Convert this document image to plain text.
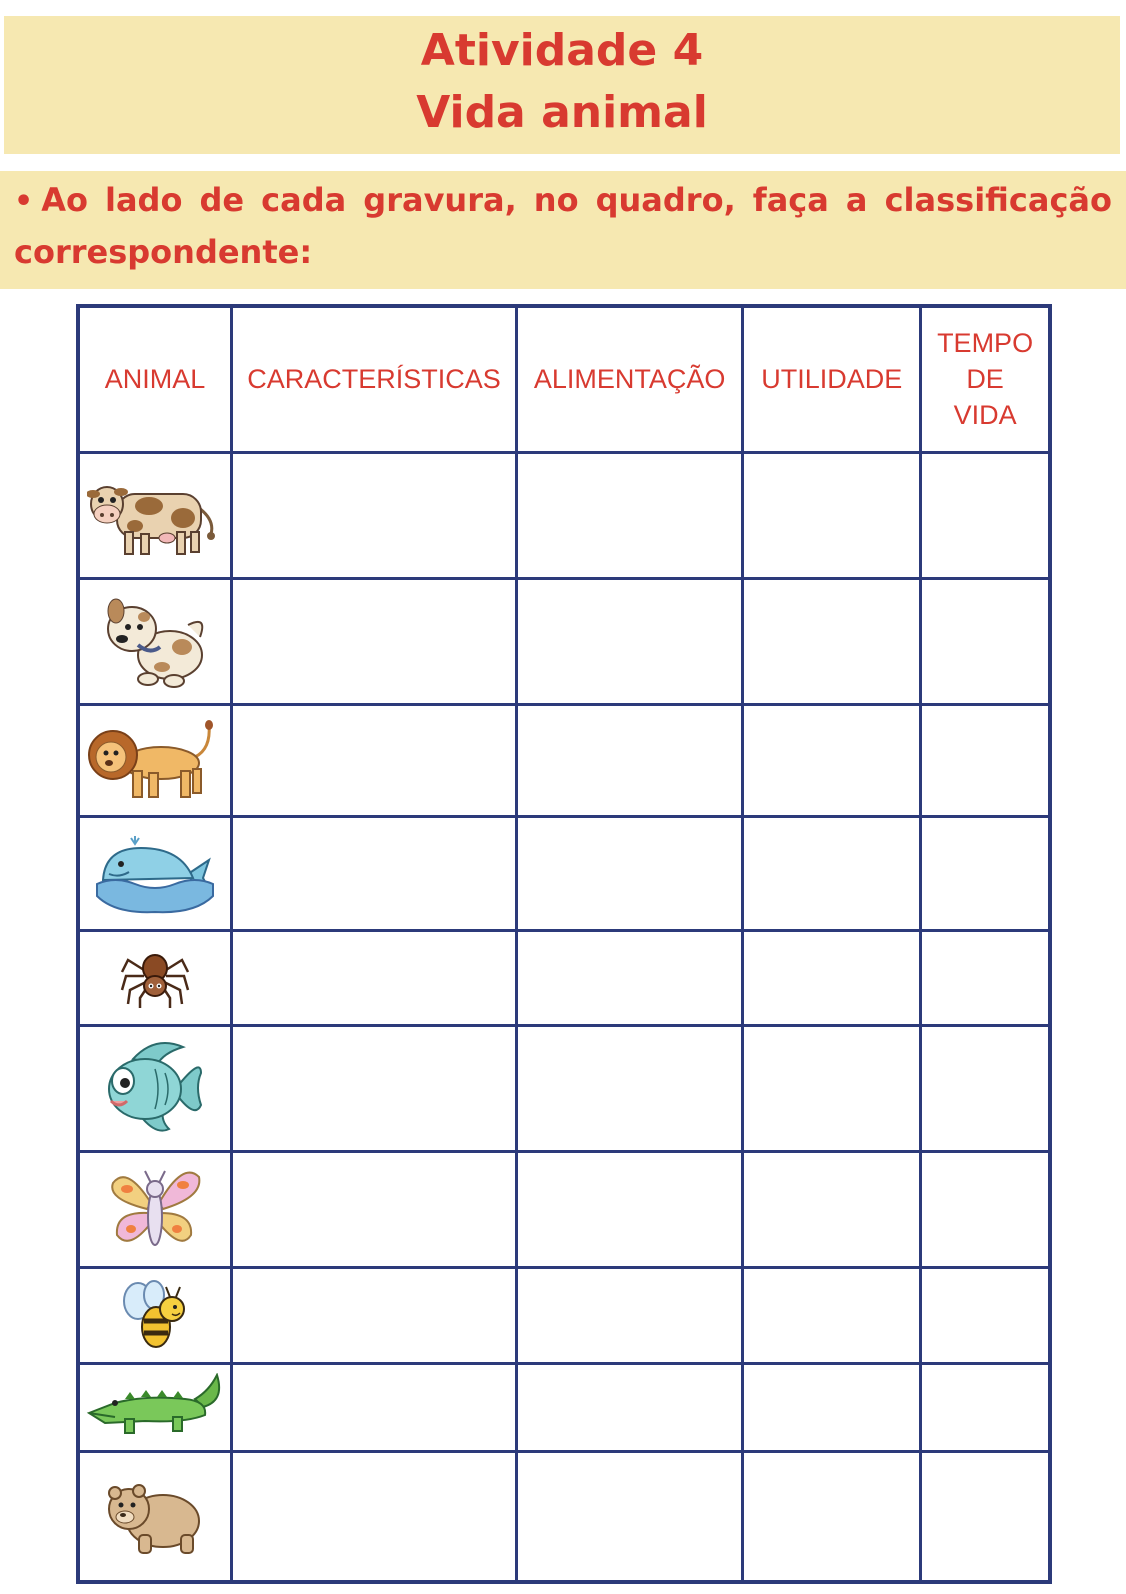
Atividade 4
Vida animal
• Ao lado de cada gravura, no quadro, faça a classificação correspondente:
ANIMAL	CARACTERÍSTICAS	ALIMENTAÇÃO	UTILIDADE	TEMPO
DE
VIDA
